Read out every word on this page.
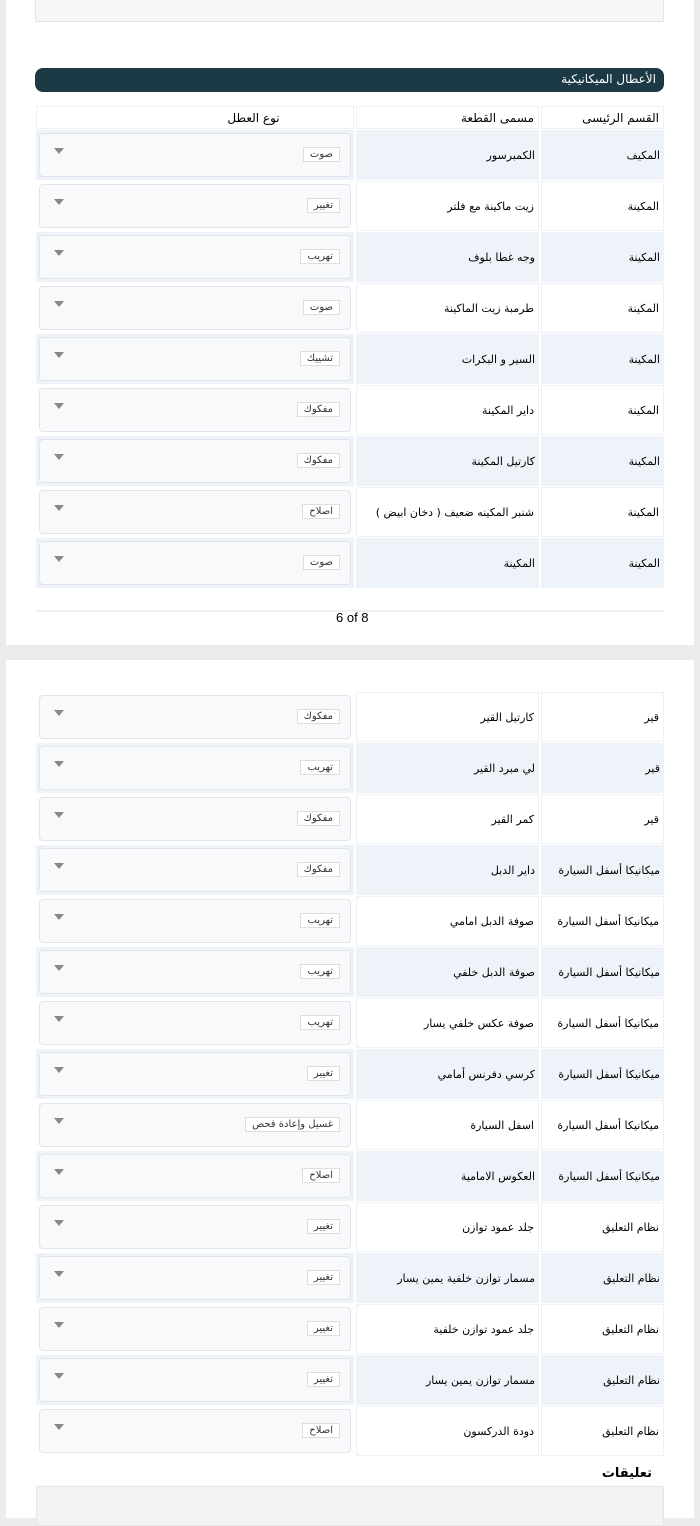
الأعطال الميكانيكية
القسم الرئيسى
مسمى القطعة
نوع العطل
المكيف
الكمبرسور
صوت
المكينة
زيت ماكينة مع فلتر
تغيير
المكينة
وجه غطا بلوف
تهريب
المكينة
طرمبة زيت الماكينة
صوت
المكينة
السير و البكرات
تشييك
المكينة
داير المكينة
مفكوك
المكينة
كارتيل المكينة
مفكوك
المكينة
شنبر المكينه ضعيف ( دخان ابيض )
اصلاح
المكينة
المكينة
صوت
6 of 8
قير
كارتيل القير
مفكوك
قير
لي مبرد القير
تهريب
قير
كمر القير
مفكوك
ميكانيكا أسفل السيارة
داير الدبل
مفكوك
ميكانيكا أسفل السيارة
صوفة الدبل امامي
تهريب
ميكانيكا أسفل السيارة
صوفة الدبل خلفي
تهريب
ميكانيكا أسفل السيارة
صوفة عكس خلفي يسار
تهريب
ميكانيكا أسفل السيارة
كرسي دفرنس أمامي
تغيير
ميكانيكا أسفل السيارة
اسفل السيارة
غسيل وإعادة فحص
ميكانيكا أسفل السيارة
العكوس الامامية
اصلاح
نظام التعليق
جلد عمود توازن
تغيير
نظام التعليق
مسمار توازن خلفية يمين يسار
تغيير
نظام التعليق
جلد عمود توازن خلفية
تغيير
نظام التعليق
مسمار توازن يمين يسار
تغيير
نظام التعليق
دودة الدركسون
اصلاح
تعليقات
